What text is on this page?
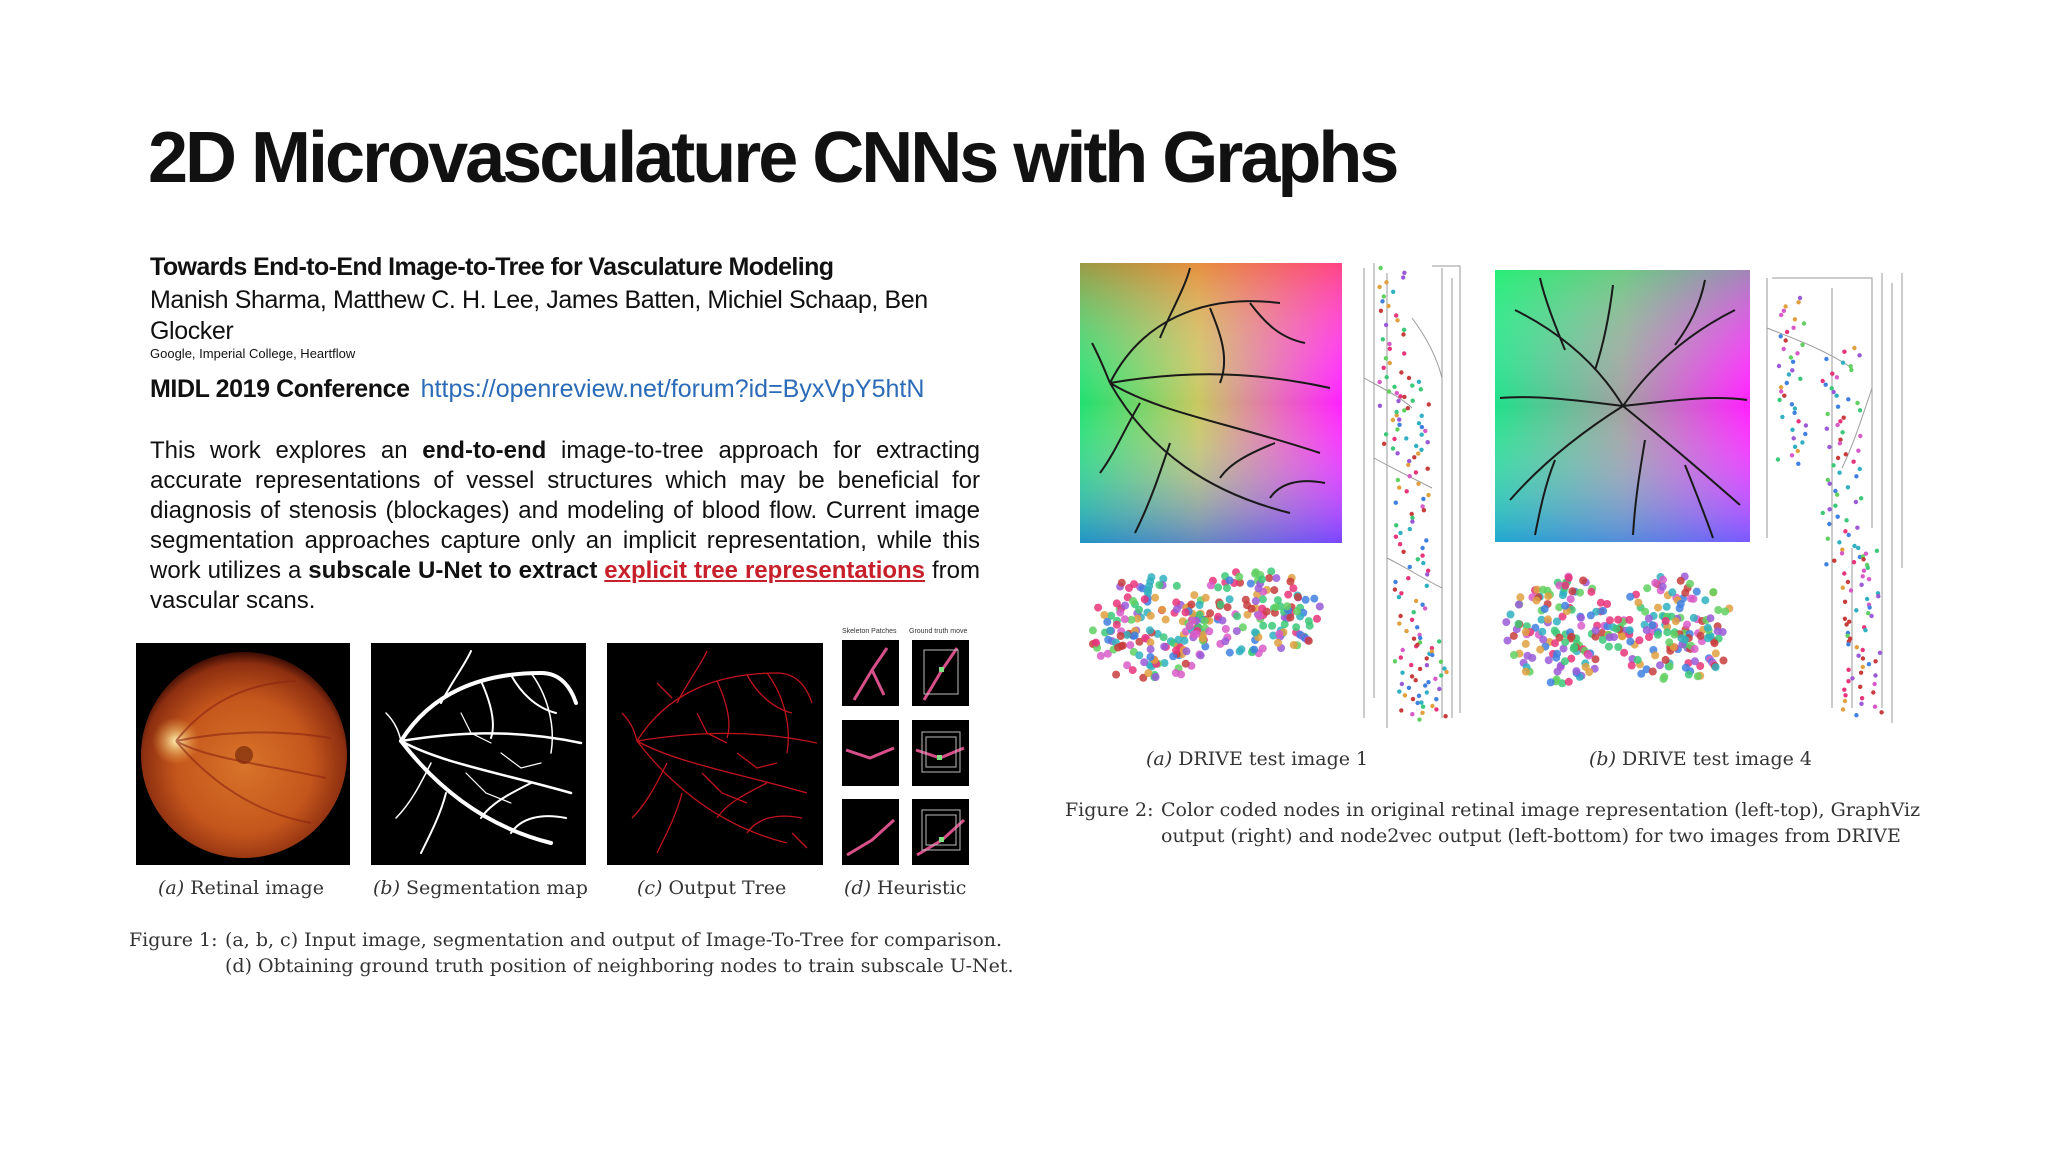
2D Microvasculature CNNs with Graphs
Towards End-to-End Image-to-Tree for Vasculature Modeling
Manish Sharma, Matthew C. H. Lee, James Batten, Michiel Schaap, Ben Glocker
Google, Imperial College, Heartflow
MIDL 2019 Conference https://openreview.net/forum?id=ByxVpY5htN
This work explores an end-to-end image-to-tree approach for extracting accurate representations of vessel structures which may be beneficial for diagnosis of stenosis (blockages) and modeling of blood flow. Current image segmentation approaches capture only an implicit representation, while this work utilizes a subscale U-Net to extract explicit tree representations from vascular scans.
Skeleton Patches Ground truth move
(a) Retinal image	(b) Segmentation map	(c) Output Tree	(d) Heuristic
Figure 1: (a, b, c) Input image, segmentation and output of Image-To-Tree for comparison.
(d) Obtaining ground truth position of neighboring nodes to train subscale U-Net.
(a) DRIVE test image 1	(b) DRIVE test image 4
Figure 2: Color coded nodes in original retinal image representation (left-top), GraphViz
output (right) and node2vec output (left-bottom) for two images from DRIVE
